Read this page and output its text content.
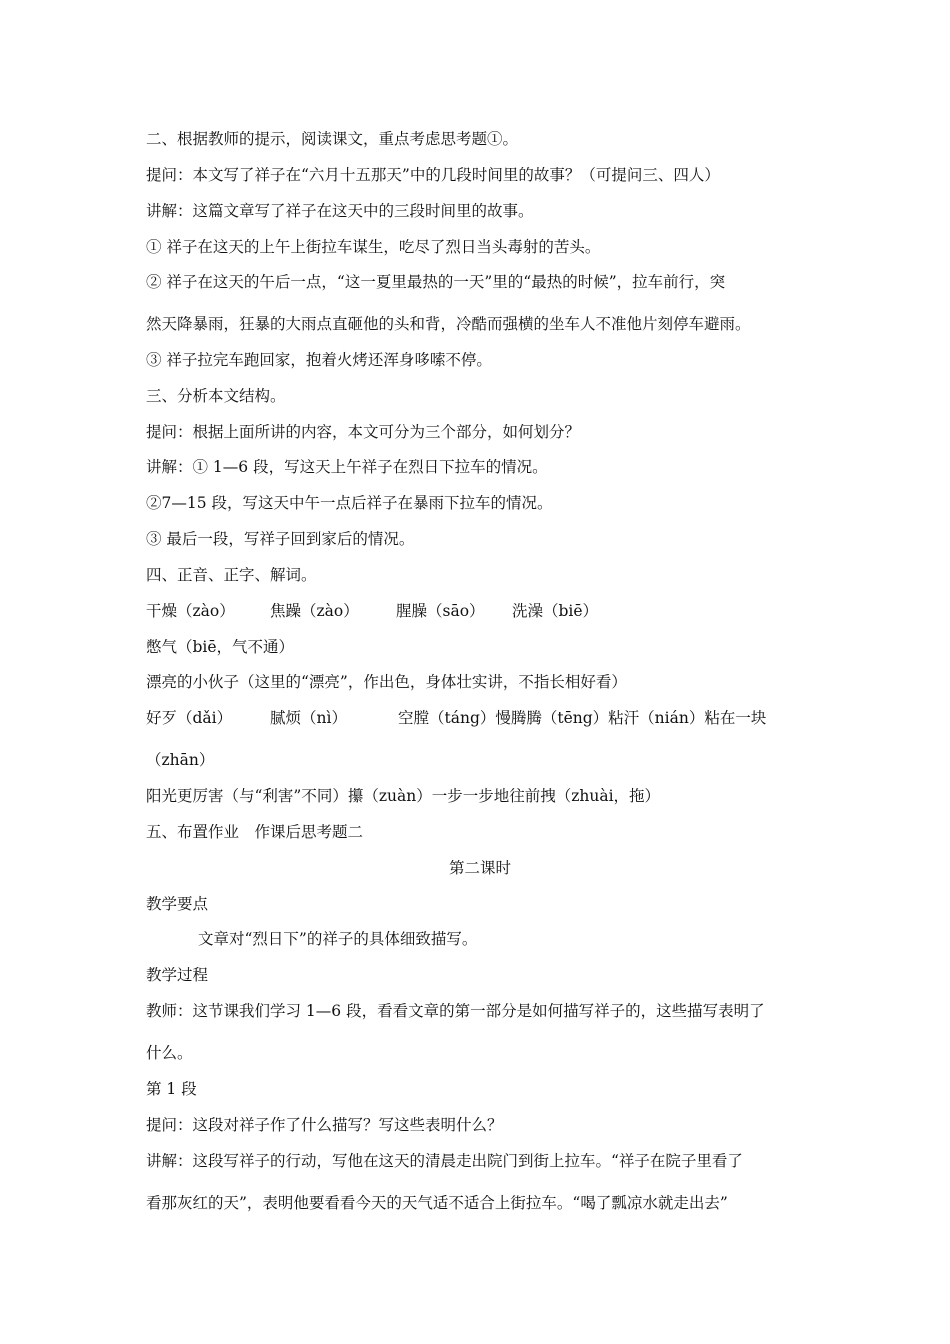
二、根据教师的提示，阅读课文，重点考虑思考题①。
提问：本文写了祥子在“六月十五那天”中的几段时间里的故事？（可提问三、四人）
讲解：这篇文章写了祥子在这天中的三段时间里的故事。
① 祥子在这天的上午上街拉车谋生，吃尽了烈日当头毒射的苦头。
② 祥子在这天的午后一点，“这一夏里最热的一天”里的“最热的时候”，拉车前行，突
然天降暴雨，狂暴的大雨点直砸他的头和背，冷酷而强横的坐车人不准他片刻停车避雨。
③ 祥子拉完车跑回家，抱着火烤还浑身哆嗦不停。
三、分析本文结构。
提问：根据上面所讲的内容，本文可分为三个部分，如何划分？
讲解：① 1—6 段，写这天上午祥子在烈日下拉车的情况。
②7—15 段，写这天中午一点后祥子在暴雨下拉车的情况。
③ 最后一段，写祥子回到家后的情况。
四、正音、正字、解词。
干燥（zào） 焦躁（zào） 腥臊（sāo） 洗澡（biē）
憋气（biē，气不通）
漂亮的小伙子（这里的“漂亮”，作出色，身体壮实讲，不指长相好看）
好歹（dǎi） 腻烦（nì）	空膛（táng）慢腾腾（tēng）粘汗（nián）粘在一块
（zhān）
阳光更厉害（与“利害”不同）攥（zuàn）一步一步地往前拽（zhuài，拖）
五、布置作业　作课后思考题二
第二课时
教学要点
文章对“烈日下”的祥子的具体细致描写。
教学过程
教师：这节课我们学习 1—6 段，看看文章的第一部分是如何描写祥子的，这些描写表明了
什么。
第 1 段
提问：这段对祥子作了什么描写？写这些表明什么？
讲解：这段写祥子的行动，写他在这天的清晨走出院门到街上拉车。“祥子在院子里看了
看那灰红的天”，表明他要看看今天的天气适不适合上街拉车。“喝了瓢凉水就走出去”
